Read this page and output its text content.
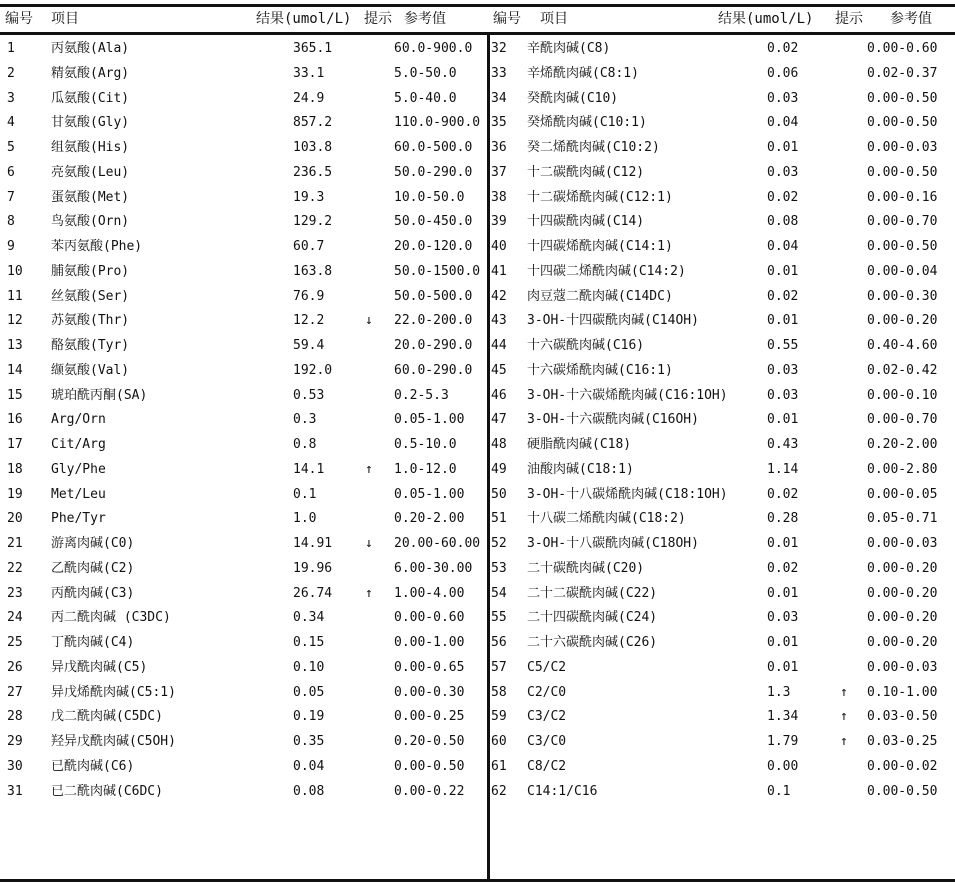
编号 项目	结果(umol/L) 提示 参考值	编号 项目	结果(umol/L) 提示 参考值
1	丙氨酸(Ala)	365.1	60.0-900.0
2	精氨酸(Arg)	33.1	5.0-50.0
3	瓜氨酸(Cit)	24.9	5.0-40.0
4	甘氨酸(Gly)	857.2	110.0-900.0
5	组氨酸(His)	103.8	60.0-500.0
6	亮氨酸(Leu)	236.5	50.0-290.0
7	蛋氨酸(Met)	19.3	10.0-50.0
8	鸟氨酸(Orn)	129.2	50.0-450.0
9	苯丙氨酸(Phe)	60.7	20.0-120.0
10 脯氨酸(Pro)	163.8	50.0-1500.0
11 丝氨酸(Ser)	76.9	50.0-500.0
12 苏氨酸(Thr)	12.2	↓ 22.0-200.0
13 酪氨酸(Tyr)	59.4	20.0-290.0
14 缬氨酸(Val)	192.0	60.0-290.0
15 琥珀酰丙酮(SA)	0.53	0.2-5.3
16 Arg/Orn	0.3	0.05-1.00
17 Cit/Arg	0.8	0.5-10.0
18 Gly/Phe	14.1	↑ 1.0-12.0
19 Met/Leu	0.1	0.05-1.00
20 Phe/Tyr	1.0	0.20-2.00
21 游离肉碱(C0)	14.91	↓ 20.00-60.00
22 乙酰肉碱(C2)	19.96	6.00-30.00
23 丙酰肉碱(C3)	26.74	↑ 1.00-4.00
24 丙二酰肉碱 (C3DC)	0.34	0.00-0.60
25 丁酰肉碱(C4)	0.15	0.00-1.00
26 异戊酰肉碱(C5)	0.10	0.00-0.65
27 异戊烯酰肉碱(C5:1)	0.05	0.00-0.30
28 戊二酰肉碱(C5DC)	0.19	0.00-0.25
29 羟异戊酰肉碱(C5OH)	0.35	0.20-0.50
30 已酰肉碱(C6)	0.04	0.00-0.50
31 已二酰肉碱(C6DC)	0.08	0.00-0.22
32 辛酰肉碱(C8)	0.02	0.00-0.60
33 辛烯酰肉碱(C8:1)	0.06	0.02-0.37
34 癸酰肉碱(C10)	0.03	0.00-0.50
35 癸烯酰肉碱(C10:1)	0.04	0.00-0.50
36 癸二烯酰肉碱(C10:2)	0.01	0.00-0.03
37 十二碳酰肉碱(C12)	0.03	0.00-0.50
38 十二碳烯酰肉碱(C12:1)	0.02	0.00-0.16
39 十四碳酰肉碱(C14)	0.08	0.00-0.70
40 十四碳烯酰肉碱(C14:1)	0.04	0.00-0.50
41 十四碳二烯酰肉碱(C14:2)	0.01	0.00-0.04
42 肉豆蔻二酰肉碱(C14DC)	0.02	0.00-0.30
43 3-OH-十四碳酰肉碱(C14OH)	0.01	0.00-0.20
44 十六碳酰肉碱(C16)	0.55	0.40-4.60
45 十六碳烯酰肉碱(C16:1)	0.03	0.02-0.42
46 3-OH-十六碳烯酰肉碱(C16:1OH)	0.03	0.00-0.10
47 3-OH-十六碳酰肉碱(C16OH)	0.01	0.00-0.70
48 硬脂酰肉碱(C18)	0.43	0.20-2.00
49 油酸肉碱(C18:1)	1.14	0.00-2.80
50 3-OH-十八碳烯酰肉碱(C18:1OH)	0.02	0.00-0.05
51 十八碳二烯酰肉碱(C18:2)	0.28	0.05-0.71
52 3-OH-十八碳酰肉碱(C18OH)	0.01	0.00-0.03
53 二十碳酰肉碱(C20)	0.02	0.00-0.20
54 二十二碳酰肉碱(C22)	0.01	0.00-0.20
55 二十四碳酰肉碱(C24)	0.03	0.00-0.20
56 二十六碳酰肉碱(C26)	0.01	0.00-0.20
57 C5/C2	0.01	0.00-0.03
58 C2/C0	1.3	↑ 0.10-1.00
59 C3/C2	1.34	↑ 0.03-0.50
60 C3/C0	1.79	↑ 0.03-0.25
61 C8/C2	0.00	0.00-0.02
62 C14:1/C16	0.1	0.00-0.50
